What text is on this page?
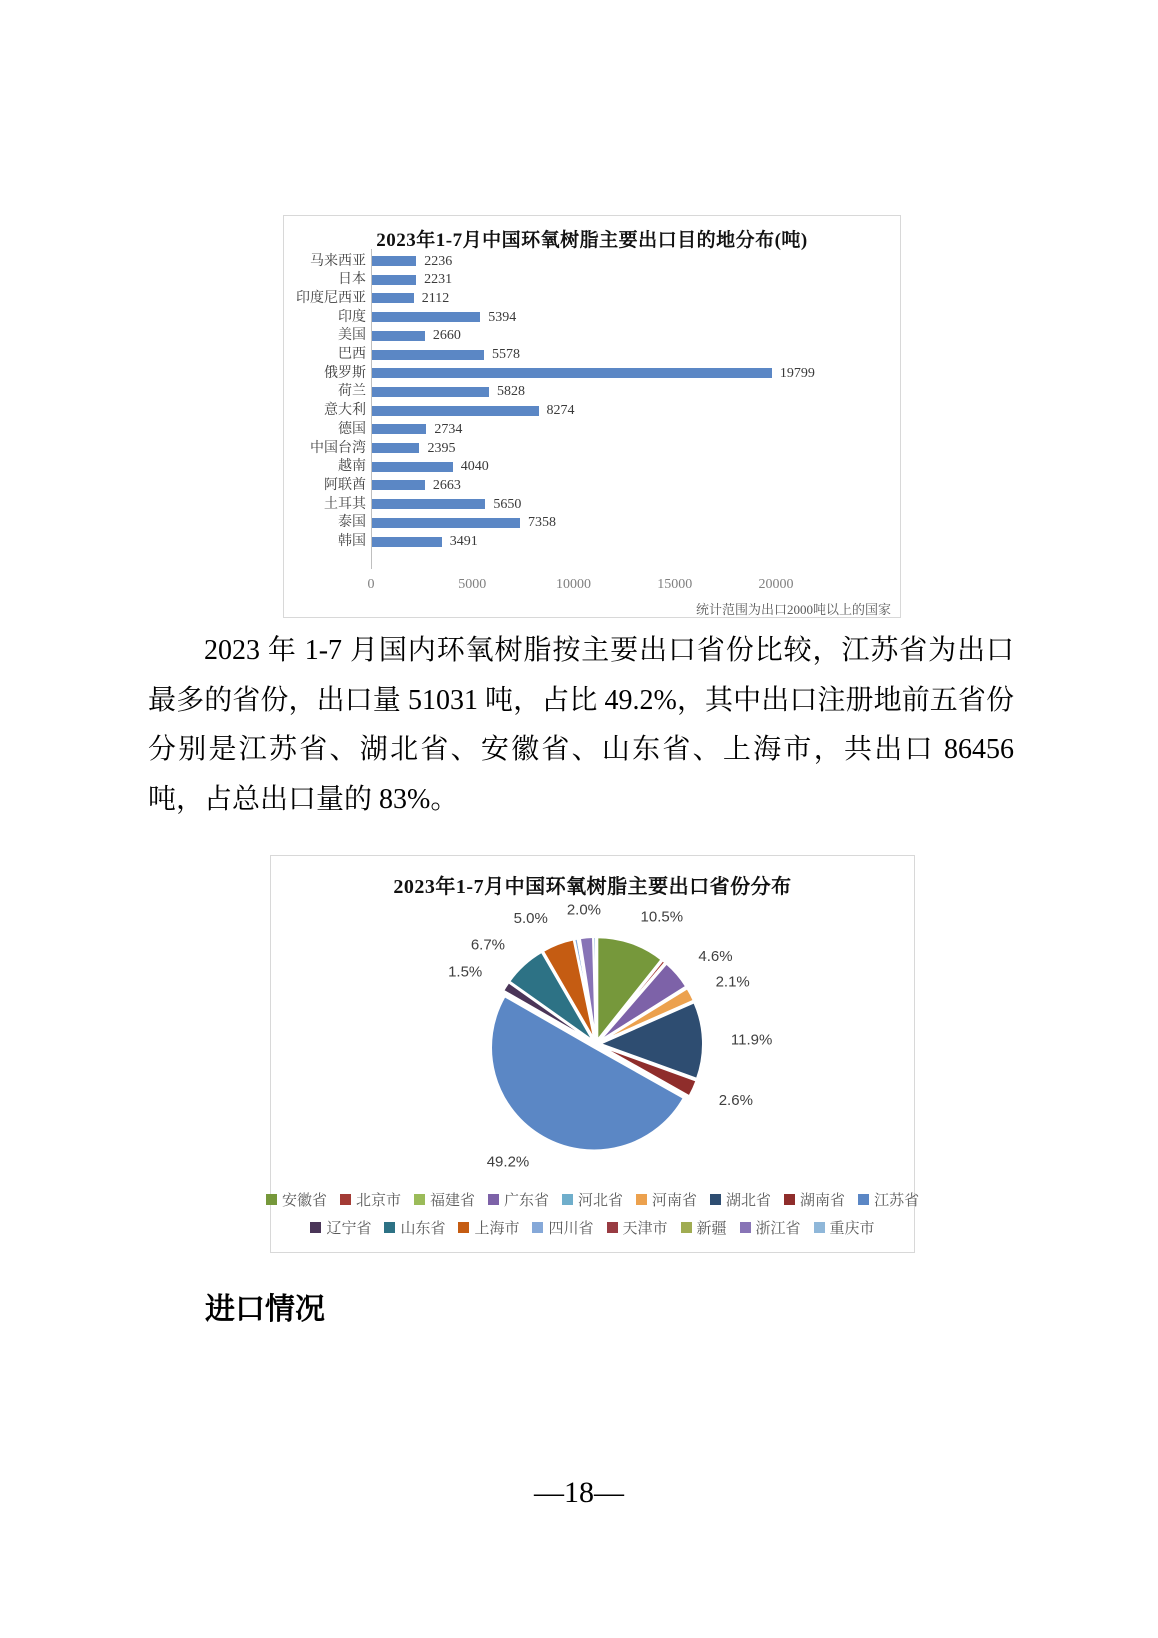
2023年1-7月中国环氧树脂主要出口目的地分布(吨)
马来西亚	2236
日本	2231
印度尼西亚	2112
印度	5394
美国	2660
巴西	5578
俄罗斯	19799
荷兰	5828
意大利	8274
德国	2734
中国台湾	2395
越南	4040
阿联酋	2663
土耳其	5650
泰国	7358
韩国	3491
0	5000	10000	15000	20000
统计范围为出口2000吨以上的国家

2023 年 1-7 月国内环氧树脂按主要出口省份比较，江苏省为出口最多的省份，出口量 51031 吨，占比 49.2%，其中出口注册地前五省份分别是江苏省、湖北省、安徽省、山东省、上海市，共出口 86456 吨，占总出口量的 83%。

2023年1-7月中国环氧树脂主要出口省份分布
10.5%
4.6%
2.1%
11.9%
2.6%
49.2%
1.5%
6.7%
5.0% 2.0%
安徽省 北京市 福建省 广东省 河北省 河南省 湖北省 湖南省 江苏省
辽宁省 山东省 上海市 四川省 天津市 新疆 浙江省 重庆市
进口情况
—18—
